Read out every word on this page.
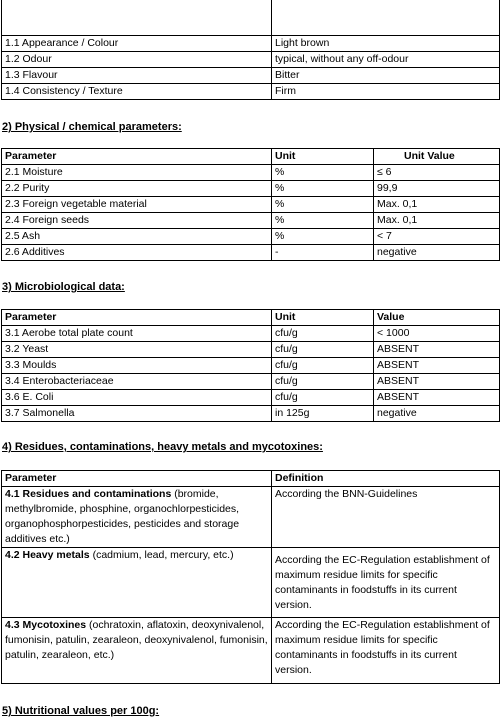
1.1 Appearance / Colour	Light brown
1.2 Odour	typical, without any off-odour
1.3 Flavour	Bitter
1.4 Consistency / Texture	Firm
2) Physical / chemical parameters:
Parameter	Unit	Unit Value
2.1 Moisture	%	≤ 6
2.2 Purity	%	99,9
2.3 Foreign vegetable material	%	Max. 0,1
2.4 Foreign seeds	%	Max. 0,1
2.5 Ash	%	< 7
2.6 Additives	-	negative
3) Microbiological data:
Parameter	Unit	Value
3.1 Aerobe total plate count	cfu/g	< 1000
3.2 Yeast	cfu/g	ABSENT
3.3 Moulds	cfu/g	ABSENT
3.4 Enterobacteriaceae	cfu/g	ABSENT
3.6 E. Coli	cfu/g	ABSENT
3.7 Salmonella	in 125g	negative
4) Residues, contaminations, heavy metals and mycotoxines:
Parameter	Definition
4.1 Residues and contaminations (bromide, methylbromide, phosphine, organochlorpesticides, organophosphorpesticides, pesticides and storage additives etc.)	According the BNN-Guidelines
4.2 Heavy metals (cadmium, lead, mercury, etc.)	According the EC-Regulation establishment of maximum residue limits for specific contaminants in foodstuffs in its current version.
4.3 Mycotoxines (ochratoxin, aflatoxin, deoxynivalenol, fumonisin, patulin, zearaleon, deoxynivalenol, fumonisin, patulin, zearaleon, etc.)	According the EC-Regulation establishment of maximum residue limits for specific contaminants in foodstuffs in its current version.
5) Nutritional values per 100g:
